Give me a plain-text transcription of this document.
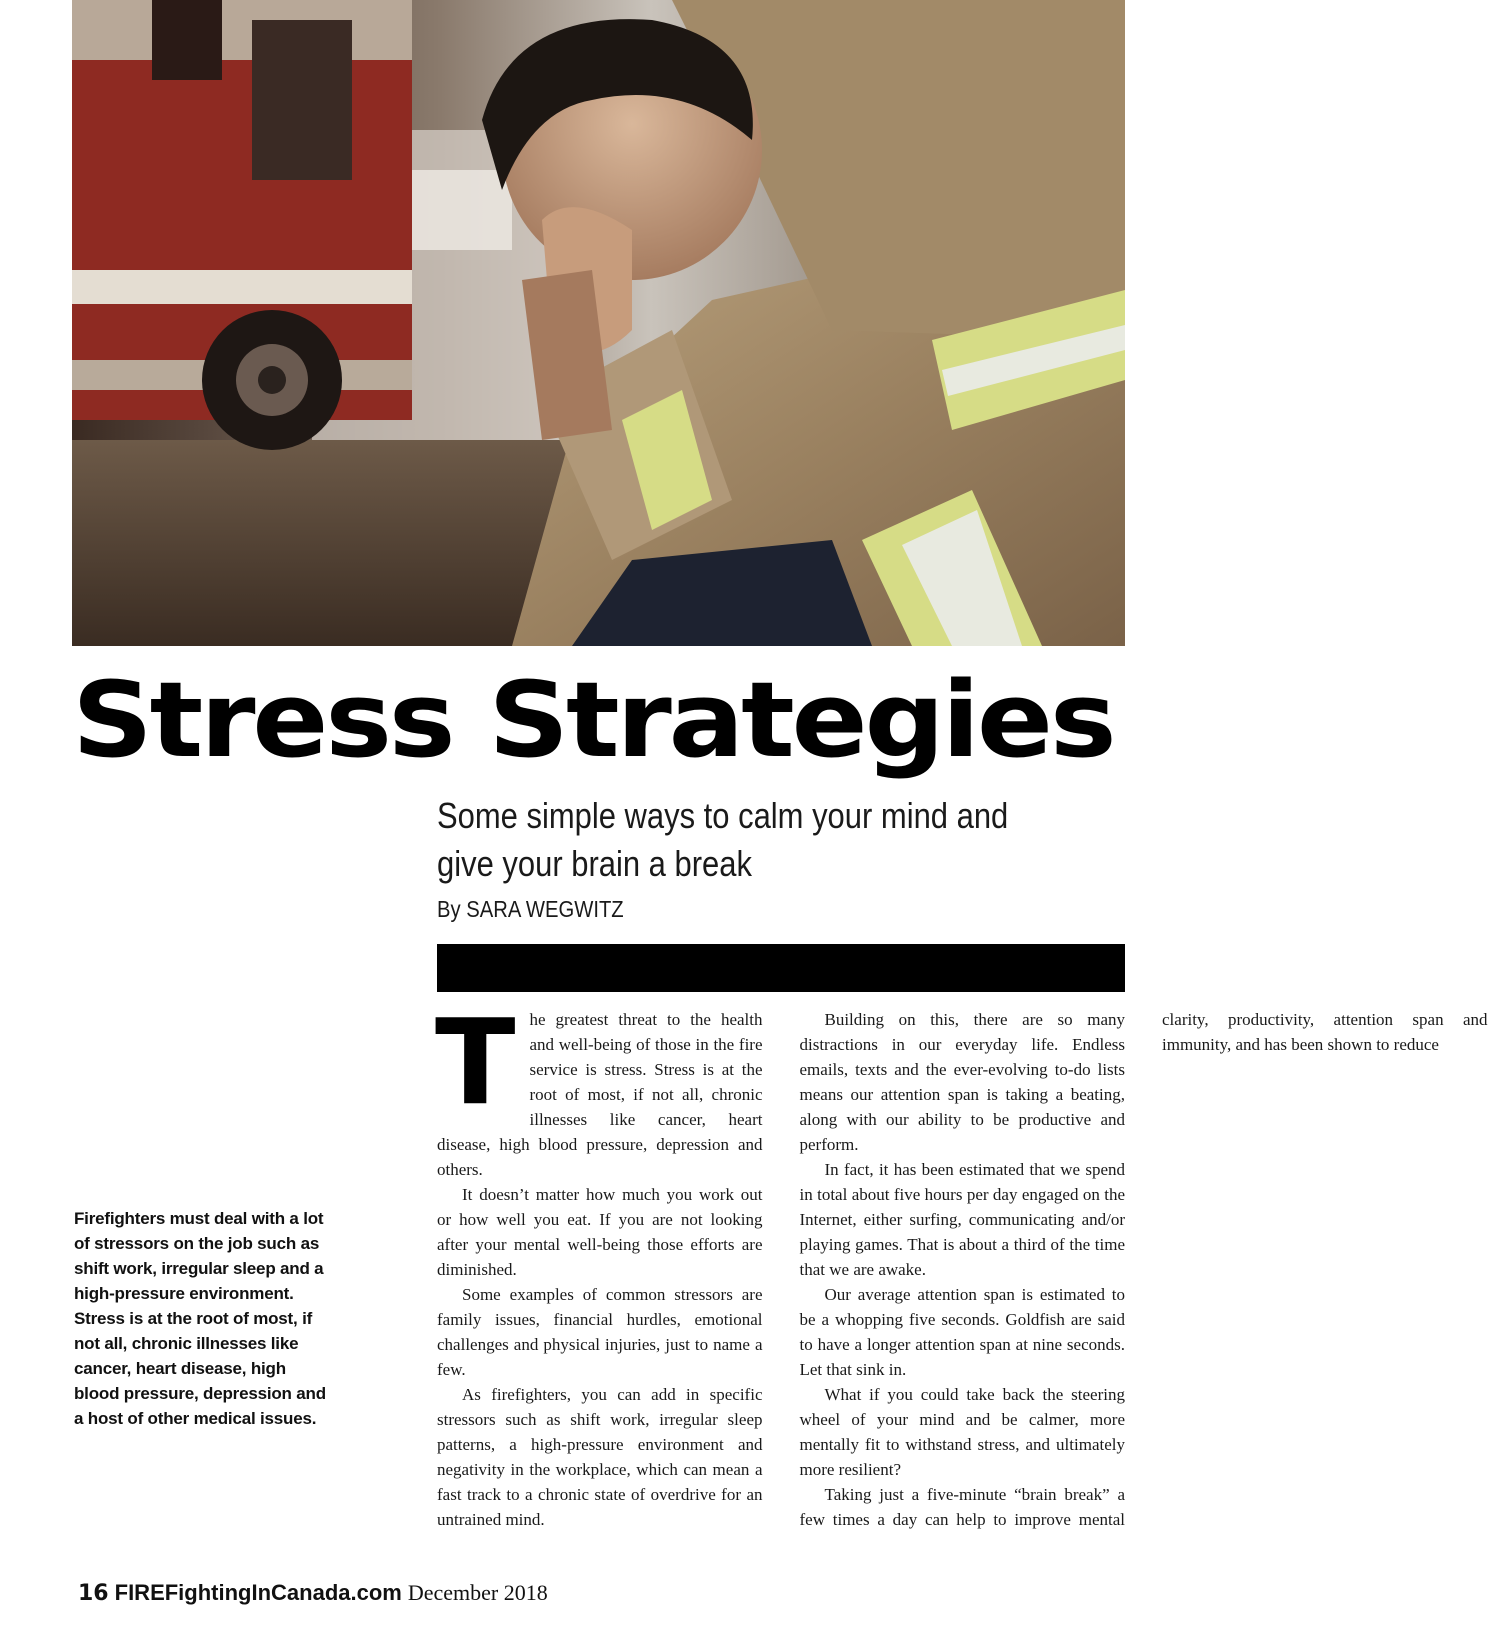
Stress Strategies
Some simple ways to calm your mind and give your brain a break
By SARA WEGWITZ

Firefighters must deal with a lot of stressors on the job such as shift work, irregular sleep and a high-pressure environment. Stress is at the root of most, if not all, chronic illnesses like cancer, heart disease, high blood pressure, depression and a host of other medical issues.

The greatest threat to the health and well-being of those in the fire service is stress. Stress is at the root of most, if not all, chronic illnesses like cancer, heart disease, high blood pressure, depression and others.

It doesn’t matter how much you work out or how well you eat. If you are not looking after your mental well-being those efforts are diminished.

Some examples of common stressors are family issues, financial hurdles, emotional challenges and physical injuries, just to name a few.

As firefighters, you can add in specific stressors such as shift work, irregular sleep patterns, a high-pressure environment and negativity in the workplace, which can mean a fast track to a chronic state of overdrive for an untrained mind.

Building on this, there are so many distractions in our everyday life. Endless emails, texts and the ever-evolving to-do lists means our attention span is taking a beating, along with our ability to be productive and perform.

In fact, it has been estimated that we spend in total about five hours per day engaged on the Internet, either surfing, communicating and/or playing games. That is about a third of the time that we are awake.

Our average attention span is estimated to be a whopping five seconds. Goldfish are said to have a longer attention span at nine seconds. Let that sink in.

What if you could take back the steering wheel of your mind and be calmer, more mentally fit to withstand stress, and ultimately more resilient?

Taking just a five-minute “brain break” a few times a day can help to improve mental clarity, productivity, attention span and immunity, and has been shown to reduce

16 FIREFightingInCanada.com December 2018
